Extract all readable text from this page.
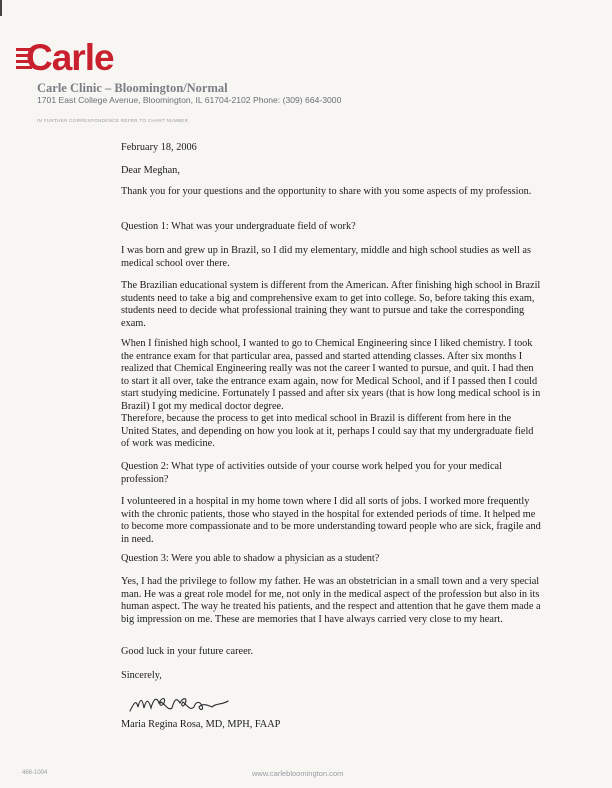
Carle
Carle Clinic – Bloomington/Normal
1701 East College Avenue, Bloomington, IL 61704-2102 Phone: (309) 664-3000
IN FURTHER CORRESPONDENCE REFER TO CHART NUMBER

February 18, 2006

Dear Meghan,

Thank you for your questions and the opportunity to share with you some aspects of my profession.

Question 1: What was your undergraduate field of work?

I was born and grew up in Brazil, so I did my elementary, middle and high school studies as well as medical school over there.

The Brazilian educational system is different from the American. After finishing high school in Brazil students need to take a big and comprehensive exam to get into college. So, before taking this exam, students need to decide what professional training they want to pursue and take the corresponding exam.

When I finished high school, I wanted to go to Chemical Engineering since I liked chemistry. I took the entrance exam for that particular area, passed and started attending classes. After six months I realized that Chemical Engineering really was not the career I wanted to pursue, and quit. I had then to start it all over, take the entrance exam again, now for Medical School, and if I passed then I could start studying medicine. Fortunately I passed and after six years (that is how long medical school is in Brazil) I got my medical doctor degree.

Therefore, because the process to get into medical school in Brazil is different from here in the United States, and depending on how you look at it, perhaps I could say that my undergraduate field of work was medicine.

Question 2: What type of activities outside of your course work helped you for your medical profession?

I volunteered in a hospital in my home town where I did all sorts of jobs. I worked more frequently with the chronic patients, those who stayed in the hospital for extended periods of time. It helped me to become more compassionate and to be more understanding toward people who are sick, fragile and in need.

Question 3: Were you able to shadow a physician as a student?

Yes, I had the privilege to follow my father. He was an obstetrician in a small town and a very special man. He was a great role model for me, not only in the medical aspect of the profession but also in its human aspect. The way he treated his patients, and the respect and attention that he gave them made a big impression on me. These are memories that I have always carried very close to my heart.

Good luck in your future career.

Sincerely,

Maria Regina Rosa, MD, MPH, FAAP

466-1004	www.carlebloomington.com
